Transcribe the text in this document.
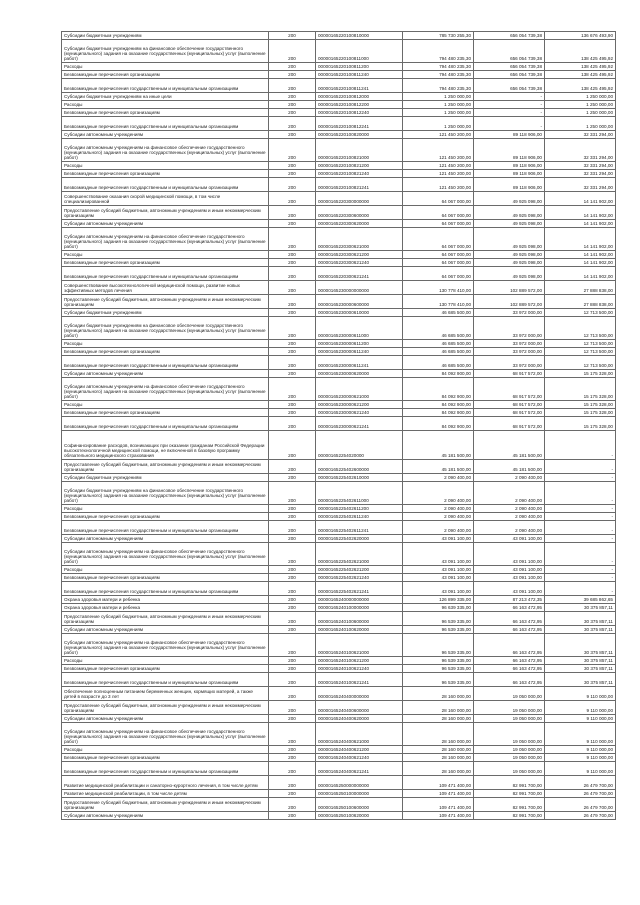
Субсидии бюджетным учреждениям	200	00000165220100810000	785 730 255,30	656 054 739,38	136 676 493,90
Субсидии бюджетным учреждениям на финансовое обеспечение государственного (муниципального) задания на оказание государственных (муниципальных) услуг (выполнение работ)	200	00000165220100811000	794 480 235,30	656 054 739,38	138 425 495,92
Расходы	200	00000165220100811200	794 480 235,30	656 054 739,38	138 425 495,92
Безвозмездные перечисления организациям	200	00000165220100811240	794 480 235,30	656 054 739,38	138 425 495,92
Безвозмездные перечисления государственным и муниципальным организациям	200	00000165220100811241	794 480 235,30	656 054 739,38	138 425 495,92
Субсидии бюджетным учреждениям на иные цели	200	00000165220100812000	1 250 000,00	-	1 250 000,00
Расходы	200	00000165220100812200	1 250 000,00	-	1 250 000,00
Безвозмездные перечисления организациям	200	00000165220100812240	1 250 000,00	-	1 250 000,00
Безвозмездные перечисления государственным и муниципальным организациям	200	00000165220100812241	1 250 000,00	-	1 250 000,00
Субсидии автономным учреждениям	200	00000165220100820000	121 450 200,00	89 118 906,00	32 331 294,00
Субсидии автономным учреждениям на финансовое обеспечение государственного (муниципального) задания на оказание государственных (муниципальных) услуг (выполнение работ)	200	00000165220100821000	121 450 200,00	89 118 906,00	32 331 294,00
Расходы	200	00000165220100821200	121 450 200,00	89 118 906,00	32 331 294,00
Безвозмездные перечисления организациям	200	00000165220100821240	121 450 200,00	89 118 906,00	32 331 294,00
Безвозмездные перечисления государственным и муниципальным организациям	200	00000165220100821241	121 450 200,00	89 118 906,00	32 331 294,00
Совершенствование оказания скорой медицинской помощи, в том числе специализированной	200	00000165220300000000	64 067 000,00	49 925 098,00	14 141 902,00
Предоставление субсидий бюджетным, автономным учреждениям и иным некоммерческим организациям	200	00000165220300600000	64 067 000,00	49 925 098,00	14 141 902,00
Субсидии автономным учреждениям	200	00000165220300620000	64 067 000,00	49 925 098,00	14 141 902,00
Субсидии автономным учреждениям на финансовое обеспечение государственного (муниципального) задания на оказание государственных (муниципальных) услуг (выполнение работ)	200	00000165220300621000	64 067 000,00	49 925 098,00	14 141 902,00
Расходы	200	00000165220300621200	64 067 000,00	49 925 098,00	14 141 902,00
Безвозмездные перечисления организациям	200	00000165220300621240	64 067 000,00	49 925 098,00	14 141 902,00
Безвозмездные перечисления государственным и муниципальным организациям	200	00000165220300621241	64 067 000,00	49 925 098,00	14 141 902,00
Совершенствование высокотехнологичной медицинской помощи, развитие новых эффективных методов лечения	200	00000165230000000000	130 778 410,00	102 889 572,00	27 888 838,00
Предоставление субсидий бюджетным, автономным учреждениям и иным некоммерческим организациям	200	00000165230000600000	130 778 410,00	102 889 572,00	27 888 838,00
Субсидии бюджетным учреждениям	200	00000165230000610000	46 685 500,00	33 972 000,00	12 713 500,00
Субсидии бюджетным учреждениям на финансовое обеспечение государственного (муниципального) задания на оказание государственных (муниципальных) услуг (выполнение работ)	200	00000165230000611000	46 685 500,00	33 972 000,00	12 713 500,00
Расходы	200	00000165230000611200	46 685 500,00	33 972 000,00	12 713 500,00
Безвозмездные перечисления организациям	200	00000165230000611240	46 685 500,00	33 972 000,00	12 713 500,00
Безвозмездные перечисления государственным и муниципальным организациям	200	00000165230000611241	46 685 500,00	33 972 000,00	12 713 500,00
Субсидии автономным учреждениям	200	00000165230000620000	84 092 900,00	68 917 572,00	15 175 328,00
Субсидии автономным учреждениям на финансовое обеспечение государственного (муниципального) задания на оказание государственных (муниципальных) услуг (выполнение работ)	200	00000165230000621000	84 092 900,00	68 917 572,00	15 175 328,00
Расходы	200	00000165230000621200	84 092 900,00	68 917 572,00	15 175 328,00
Безвозмездные перечисления организациям	200	00000165230000621240	84 092 900,00	68 917 572,00	15 175 328,00
Безвозмездные перечисления государственным и муниципальным организациям	200	00000165230000621241	84 092 900,00	68 917 572,00	15 175 328,00
Софинансирование расходов, возникающих при оказании гражданам Российской Федерации высокотехнологичной медицинской помощи, не включенной в базовую программу обязательного медицинского страхования	200	000001652254020000	45 181 500,00	45 181 500,00	-
Предоставление субсидий бюджетным, автономным учреждениям и иным некоммерческим организациям	200	00000165225402600000	45 181 500,00	45 181 500,00	-
Субсидии бюджетным учреждениям	200	00000165225402610000	2 090 400,00	2 090 400,00	-
Субсидии бюджетным учреждениям на финансовое обеспечение государственного (муниципального) задания на оказание государственных (муниципальных) услуг (выполнение работ)	200	00000165225402611000	2 090 400,00	2 090 400,00	-
Расходы	200	00000165225402611200	2 090 400,00	2 090 400,00	-
Безвозмездные перечисления организациям	200	00000165225402611240	2 090 400,00	2 090 400,00	-
Безвозмездные перечисления государственным и муниципальным организациям	200	00000165225402611241	2 090 400,00	2 090 400,00	-
Субсидии автономным учреждениям	200	00000165225402620000	43 091 100,00	43 091 100,00	-
Субсидии автономным учреждениям на финансовое обеспечение государственного (муниципального) задания на оказание государственных (муниципальных) услуг (выполнение работ)	200	00000165225402621000	43 091 100,00	43 091 100,00	-
Расходы	200	00000165225402621200	43 091 100,00	43 091 100,00	-
Безвозмездные перечисления организациям	200	00000165225402621240	43 091 100,00	43 091 100,00	-
Безвозмездные перечисления государственным и муниципальным организациям	200	00000165225402621241	43 091 100,00	43 091 100,00	-
Охрана здоровья матери и ребенка	200	00000165240000000000	126 899 335,00	87 213 472,35	39 685 862,65
Охрана здоровья матери и ребенка	200	00000165240100000000	96 639 335,00	66 163 472,95	30 375 857,11
Предоставление субсидий бюджетным, автономным учреждениям и иным некоммерческим организациям	200	00000165240100600000	96 539 335,00	66 163 472,95	30 375 857,11
Субсидии автономным учреждениям	200	00000165240100620000	96 539 335,00	66 163 472,95	30 375 857,11
Субсидии автономным учреждениям на финансовое обеспечение государственного (муниципального) задания на оказание государственных (муниципальных) услуг (выполнение работ)	200	00000165240100621000	96 539 335,00	66 163 472,95	30 375 857,11
Расходы	200	00000165240100621200	96 539 335,00	66 163 472,95	30 375 857,11
Безвозмездные перечисления организациям	200	00000165240100621240	96 539 335,00	66 163 472,95	30 375 857,11
Безвозмездные перечисления государственным и муниципальным организациям	200	00000165240100621241	96 539 335,00	66 163 472,95	30 375 857,11
Обеспечение полноценным питанием беременных женщин, кормящих матерей, а также детей в возрасте до 3 лет	200	00000165240400000000	28 160 000,00	19 050 000,00	9 110 000,00
Предоставление субсидий бюджетным, автономным учреждениям и иным некоммерческим организациям	200	00000165240400600000	28 160 000,00	19 050 000,00	9 110 000,00
Субсидии автономным учреждениям	200	00000165240400620000	28 160 000,00	19 050 000,00	9 110 000,00
Субсидии автономным учреждениям на финансовое обеспечение государственного (муниципального) задания на оказание государственных (муниципальных) услуг (выполнение работ)	200	00000165240400621000	28 160 000,00	19 050 000,00	9 110 000,00
Расходы	200	00000165240400621200	28 160 000,00	19 050 000,00	9 110 000,00
Безвозмездные перечисления организациям	200	00000165240400621240	28 160 000,00	19 050 000,00	9 110 000,00
Безвозмездные перечисления государственным и муниципальным организациям	200	00000165240400621241	28 160 000,00	19 050 000,00	9 110 000,00
Развитие медицинской реабилитации и санаторно-курортного лечения, в том числе детям	200	00000165250000000000	109 471 400,00	82 991 700,00	26 479 700,00
Развитие медицинской реабилитации, в том числе детям	200	00000165250100000000	109 471 400,00	82 991 700,00	26 479 700,00
Предоставление субсидий бюджетным, автономным учреждениям и иным некоммерческим организациям	200	00000165250100600000	109 471 400,00	82 991 700,00	26 479 700,00
Субсидии автономным учреждениям	200	00000165250100620000	109 471 400,00	82 991 700,00	26 479 700,00
